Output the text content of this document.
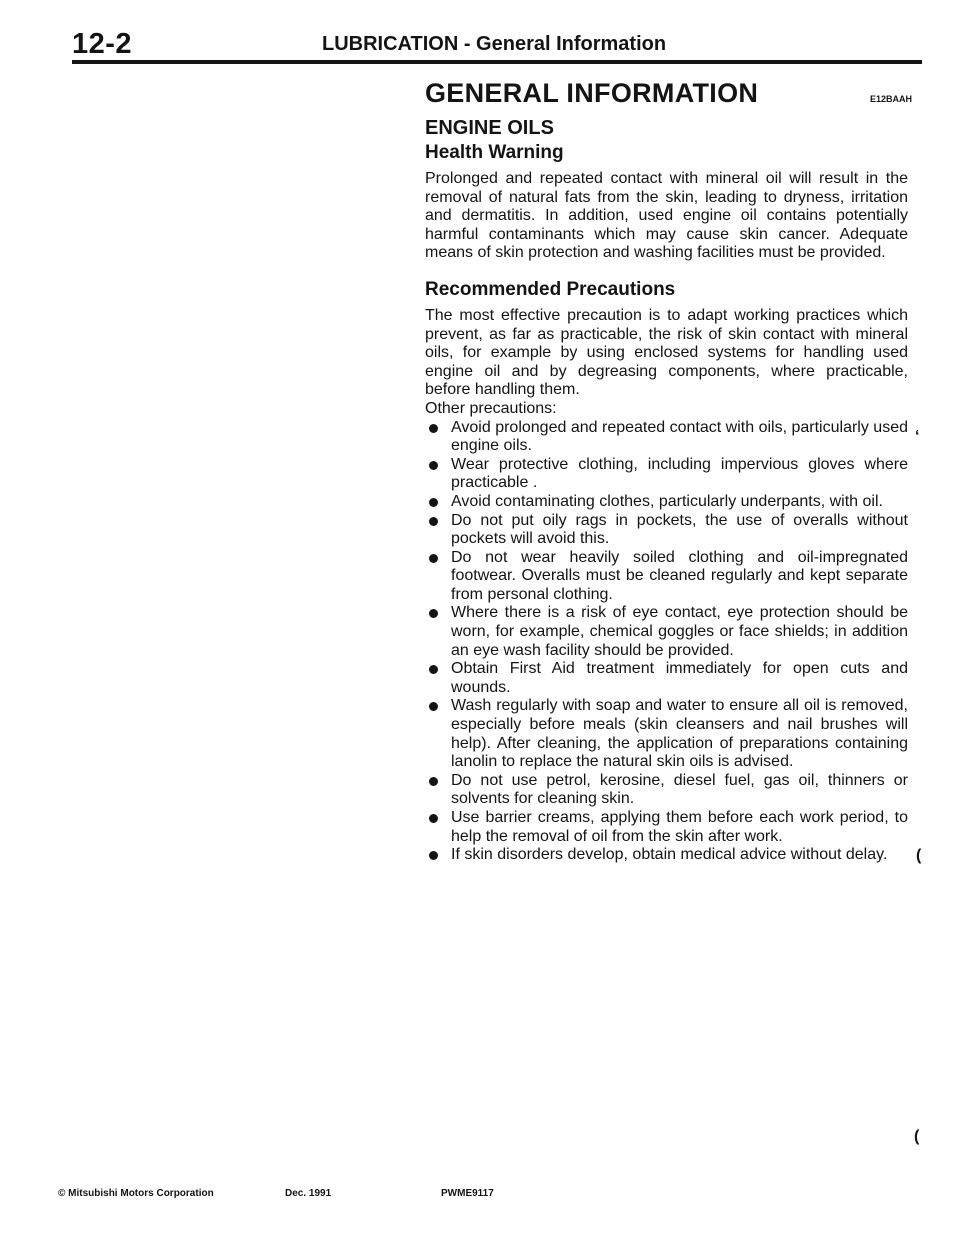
12-2	LUBRICATION - General Information
GENERAL INFORMATION	E12BAAH
ENGINE OILS
Health Warning

Prolonged and repeated contact with mineral oil will result in the removal of natural fats from the skin, leading to dryness, irritation and dermatitis. In addition, used engine oil contains potentially harmful contaminants which may cause skin cancer. Adequate means of skin protection and washing facilities must be provided.

Recommended Precautions

The most effective precaution is to adapt working practices which prevent, as far as practicable, the risk of skin contact with mineral oils, for example by using enclosed systems for handling used engine oil and by degreasing components, where practicable, before handling them.

Other precautions:

Avoid prolonged and repeated contact with oils, particularly used engine oils.
Wear protective clothing, including impervious gloves where practicable .
Avoid contaminating clothes, particularly underpants, with oil.
Do not put oily rags in pockets, the use of overalls without pockets will avoid this.
Do not wear heavily soiled clothing and oil-impregnated footwear. Overalls must be cleaned regularly and kept separate from personal clothing.
Where there is a risk of eye contact, eye protection should be worn, for example, chemical goggles or face shields; in addition an eye wash facility should be provided.
Obtain First Aid treatment immediately for open cuts and wounds.
Wash regularly with soap and water to ensure all oil is removed, especially before meals (skin cleansers and nail brushes will help). After cleaning, the application of preparations containing lanolin to replace the natural skin oils is advised.
Do not use petrol, kerosine, diesel fuel, gas oil, thinners or solvents for cleaning skin.
Use barrier creams, applying them before each work period, to help the removal of oil from the skin after work.
If skin disorders develop, obtain medical advice without delay.
‘
(
(
© Mitsubishi Motors Corporation	Dec. 1991	PWME9117
